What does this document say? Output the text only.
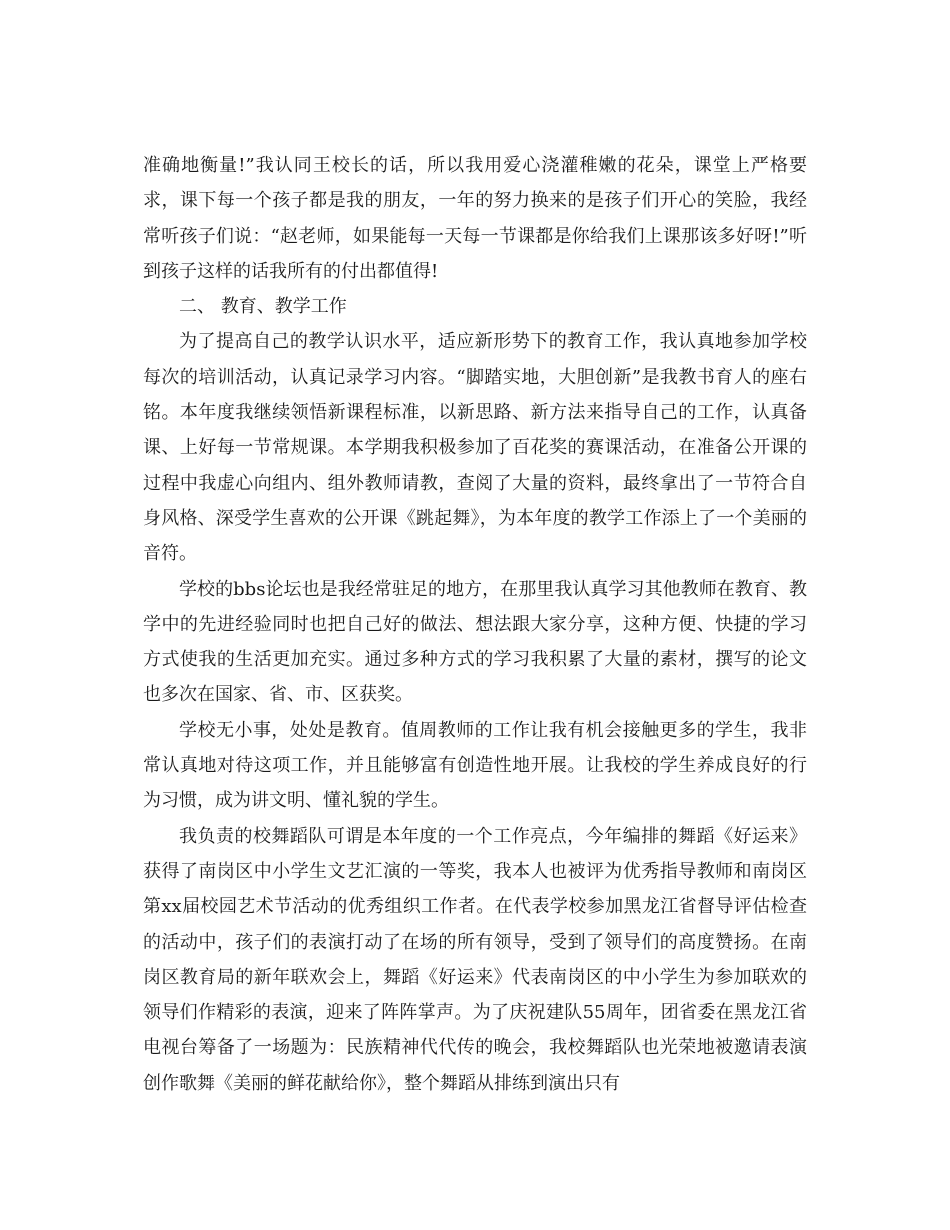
准确地衡量!”我认同王校长的话，所以我用爱心浇灌稚嫩的花朵，课堂上严格要求，课下每一个孩子都是我的朋友，一年的努力换来的是孩子们开心的笑脸，我经常听孩子们说：“赵老师，如果能每一天每一节课都是你给我们上课那该多好呀!”听到孩子这样的话我所有的付出都值得!

二、 教育、教学工作

为了提高自己的教学认识水平，适应新形势下的教育工作，我认真地参加学校每次的培训活动，认真记录学习内容。“脚踏实地，大胆创新”是我教书育人的座右铭。本年度我继续领悟新课程标准，以新思路、新方法来指导自己的工作，认真备课、上好每一节常规课。本学期我积极参加了百花奖的赛课活动，在准备公开课的过程中我虚心向组内、组外教师请教，查阅了大量的资料，最终拿出了一节符合自身风格、深受学生喜欢的公开课《跳起舞》，为本年度的教学工作添上了一个美丽的音符。

学校的bbs论坛也是我经常驻足的地方，在那里我认真学习其他教师在教育、教学中的先进经验同时也把自己好的做法、想法跟大家分享，这种方便、快捷的学习方式使我的生活更加充实。通过多种方式的学习我积累了大量的素材，撰写的论文也多次在国家、省、市、区获奖。

学校无小事，处处是教育。值周教师的工作让我有机会接触更多的学生，我非常认真地对待这项工作，并且能够富有创造性地开展。让我校的学生养成良好的行为习惯，成为讲文明、懂礼貌的学生。

我负责的校舞蹈队可谓是本年度的一个工作亮点，今年编排的舞蹈《好运来》获得了南岗区中小学生文艺汇演的一等奖，我本人也被评为优秀指导教师和南岗区第xx届校园艺术节活动的优秀组织工作者。在代表学校参加黑龙江省督导评估检查的活动中，孩子们的表演打动了在场的所有领导，受到了领导们的高度赞扬。在南岗区教育局的新年联欢会上，舞蹈《好运来》代表南岗区的中小学生为参加联欢的领导们作精彩的表演，迎来了阵阵掌声。为了庆祝建队55周年，团省委在黑龙江省电视台筹备了一场题为：民族精神代代传的晚会，我校舞蹈队也光荣地被邀请表演创作歌舞《美丽的鲜花献给你》，整个舞蹈从排练到演出只有
